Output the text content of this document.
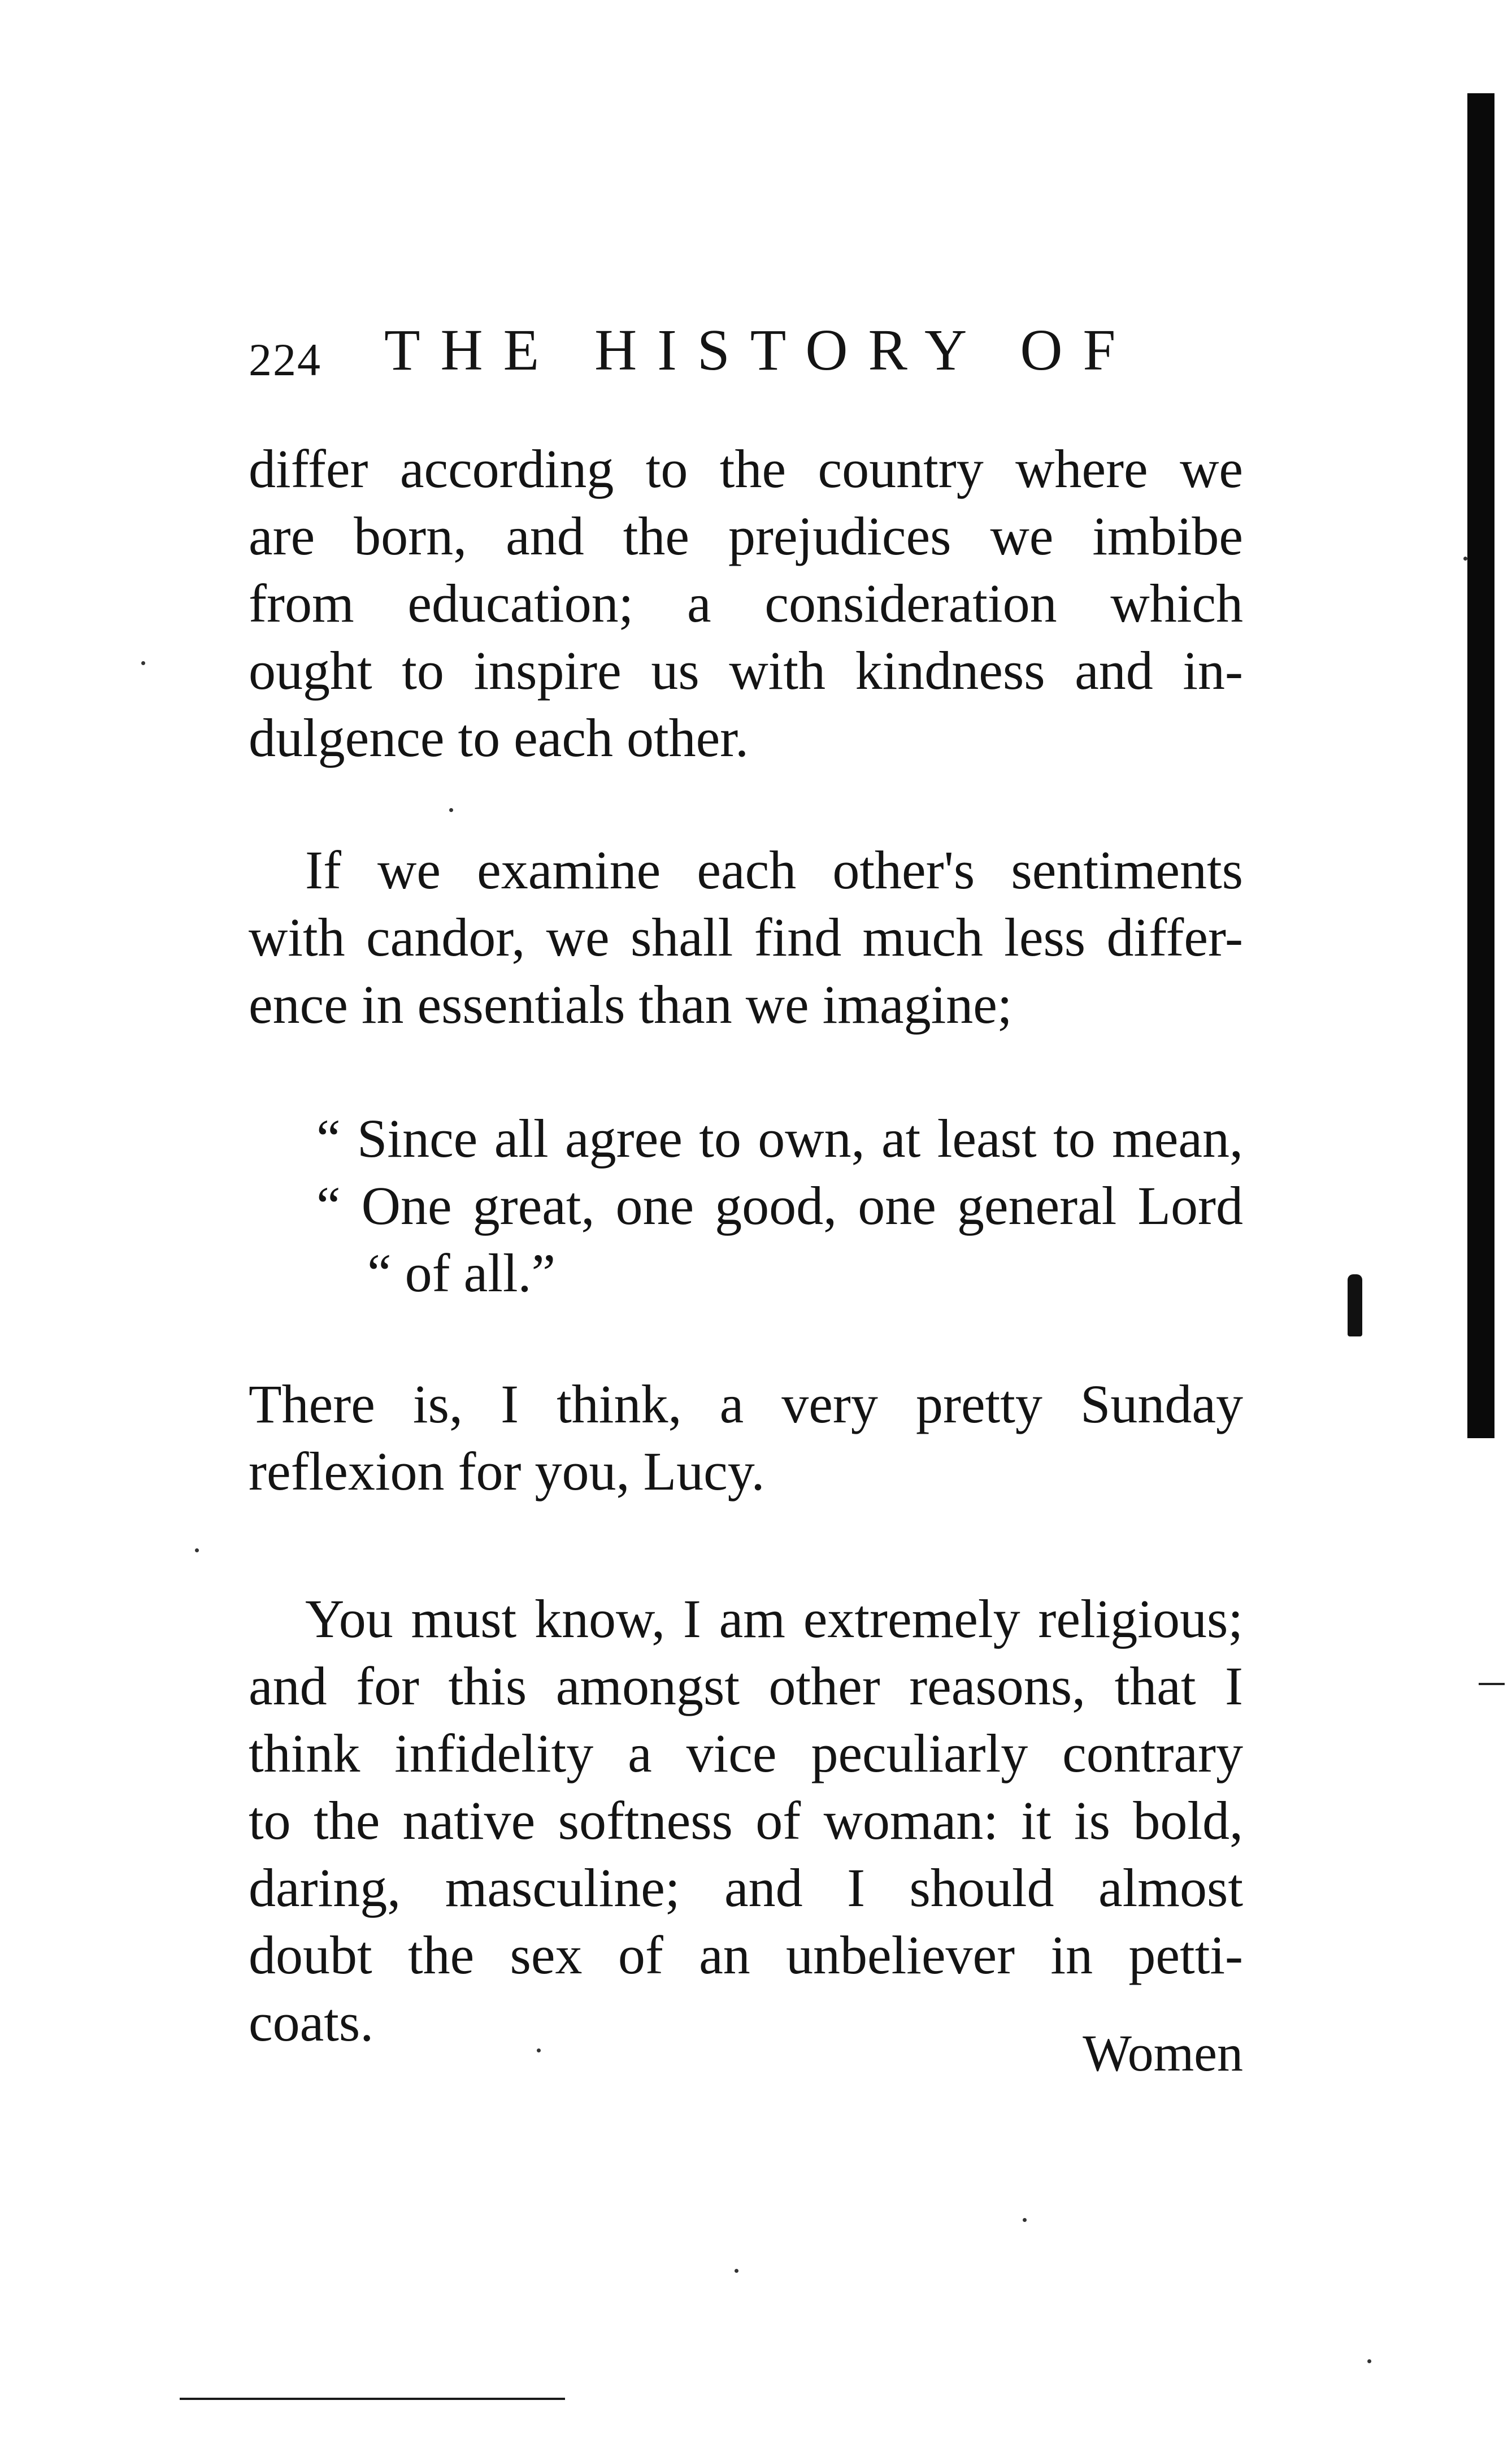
224 THE HISTORY OF
differ according to the country where we
are born, and the prejudices we imbibe
from education; a consideration which
ought to inspire us with kindness and in-
dulgence to each other.
If we examine each other's sentiments
with candor, we shall find much less differ-
ence in essentials than we imagine;
“ Since all agree to own, at least to mean,
“ One great, one good, one general Lord
“ of all.”
There is, I think, a very pretty Sunday
reflexion for you, Lucy.
You must know, I am extremely religious;
and for this amongst other reasons, that I
think infidelity a vice peculiarly contrary
to the native softness of woman: it is bold,
daring, masculine; and I should almost
doubt the sex of an unbeliever in petti-
coats.
Women
